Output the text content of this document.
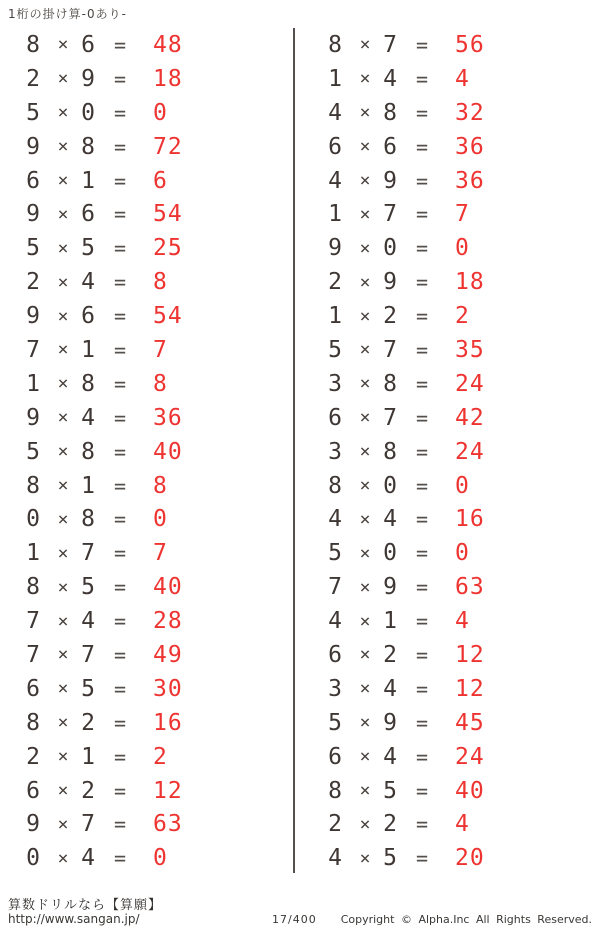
1桁の掛け算-0あり-
8 × 6 =	48
2 × 9 =	18
5 × 0 =	0
9 × 8 =	72
6 × 1 =	6
9 × 6 =	54
5 × 5 =	25
2 × 4 =	8
9 × 6 =	54
7 × 1 =	7
1 × 8 =	8
9 × 4 =	36
5 × 8 =	40
8 × 1 =	8
0 × 8 =	0
1 × 7 =	7
8 × 5 =	40
7 × 4 =	28
7 × 7 =	49
6 × 5 =	30
8 × 2 =	16
2 × 1 =	2
6 × 2 =	12
9 × 7 =	63
0 × 4 =	0
8 × 7 =	56
1 × 4 =	4
4 × 8 =	32
6 × 6 =	36
4 × 9 =	36
1 × 7 =	7
9 × 0 =	0
2 × 9 =	18
1 × 2 =	2
5 × 7 =	35
3 × 8 =	24
6 × 7 =	42
3 × 8 =	24
8 × 0 =	0
4 × 4 =	16
5 × 0 =	0
7 × 9 =	63
4 × 1 =	4
6 × 2 =	12
3 × 4 =	12
5 × 9 =	45
6 × 4 =	24
8 × 5 =	40
2 × 2 =	4
4 × 5 =	20
算数ドリルなら【算願】
http://www.sangan.jp/	17/400 Copyright © Alpha.Inc All Rights Reserved.
